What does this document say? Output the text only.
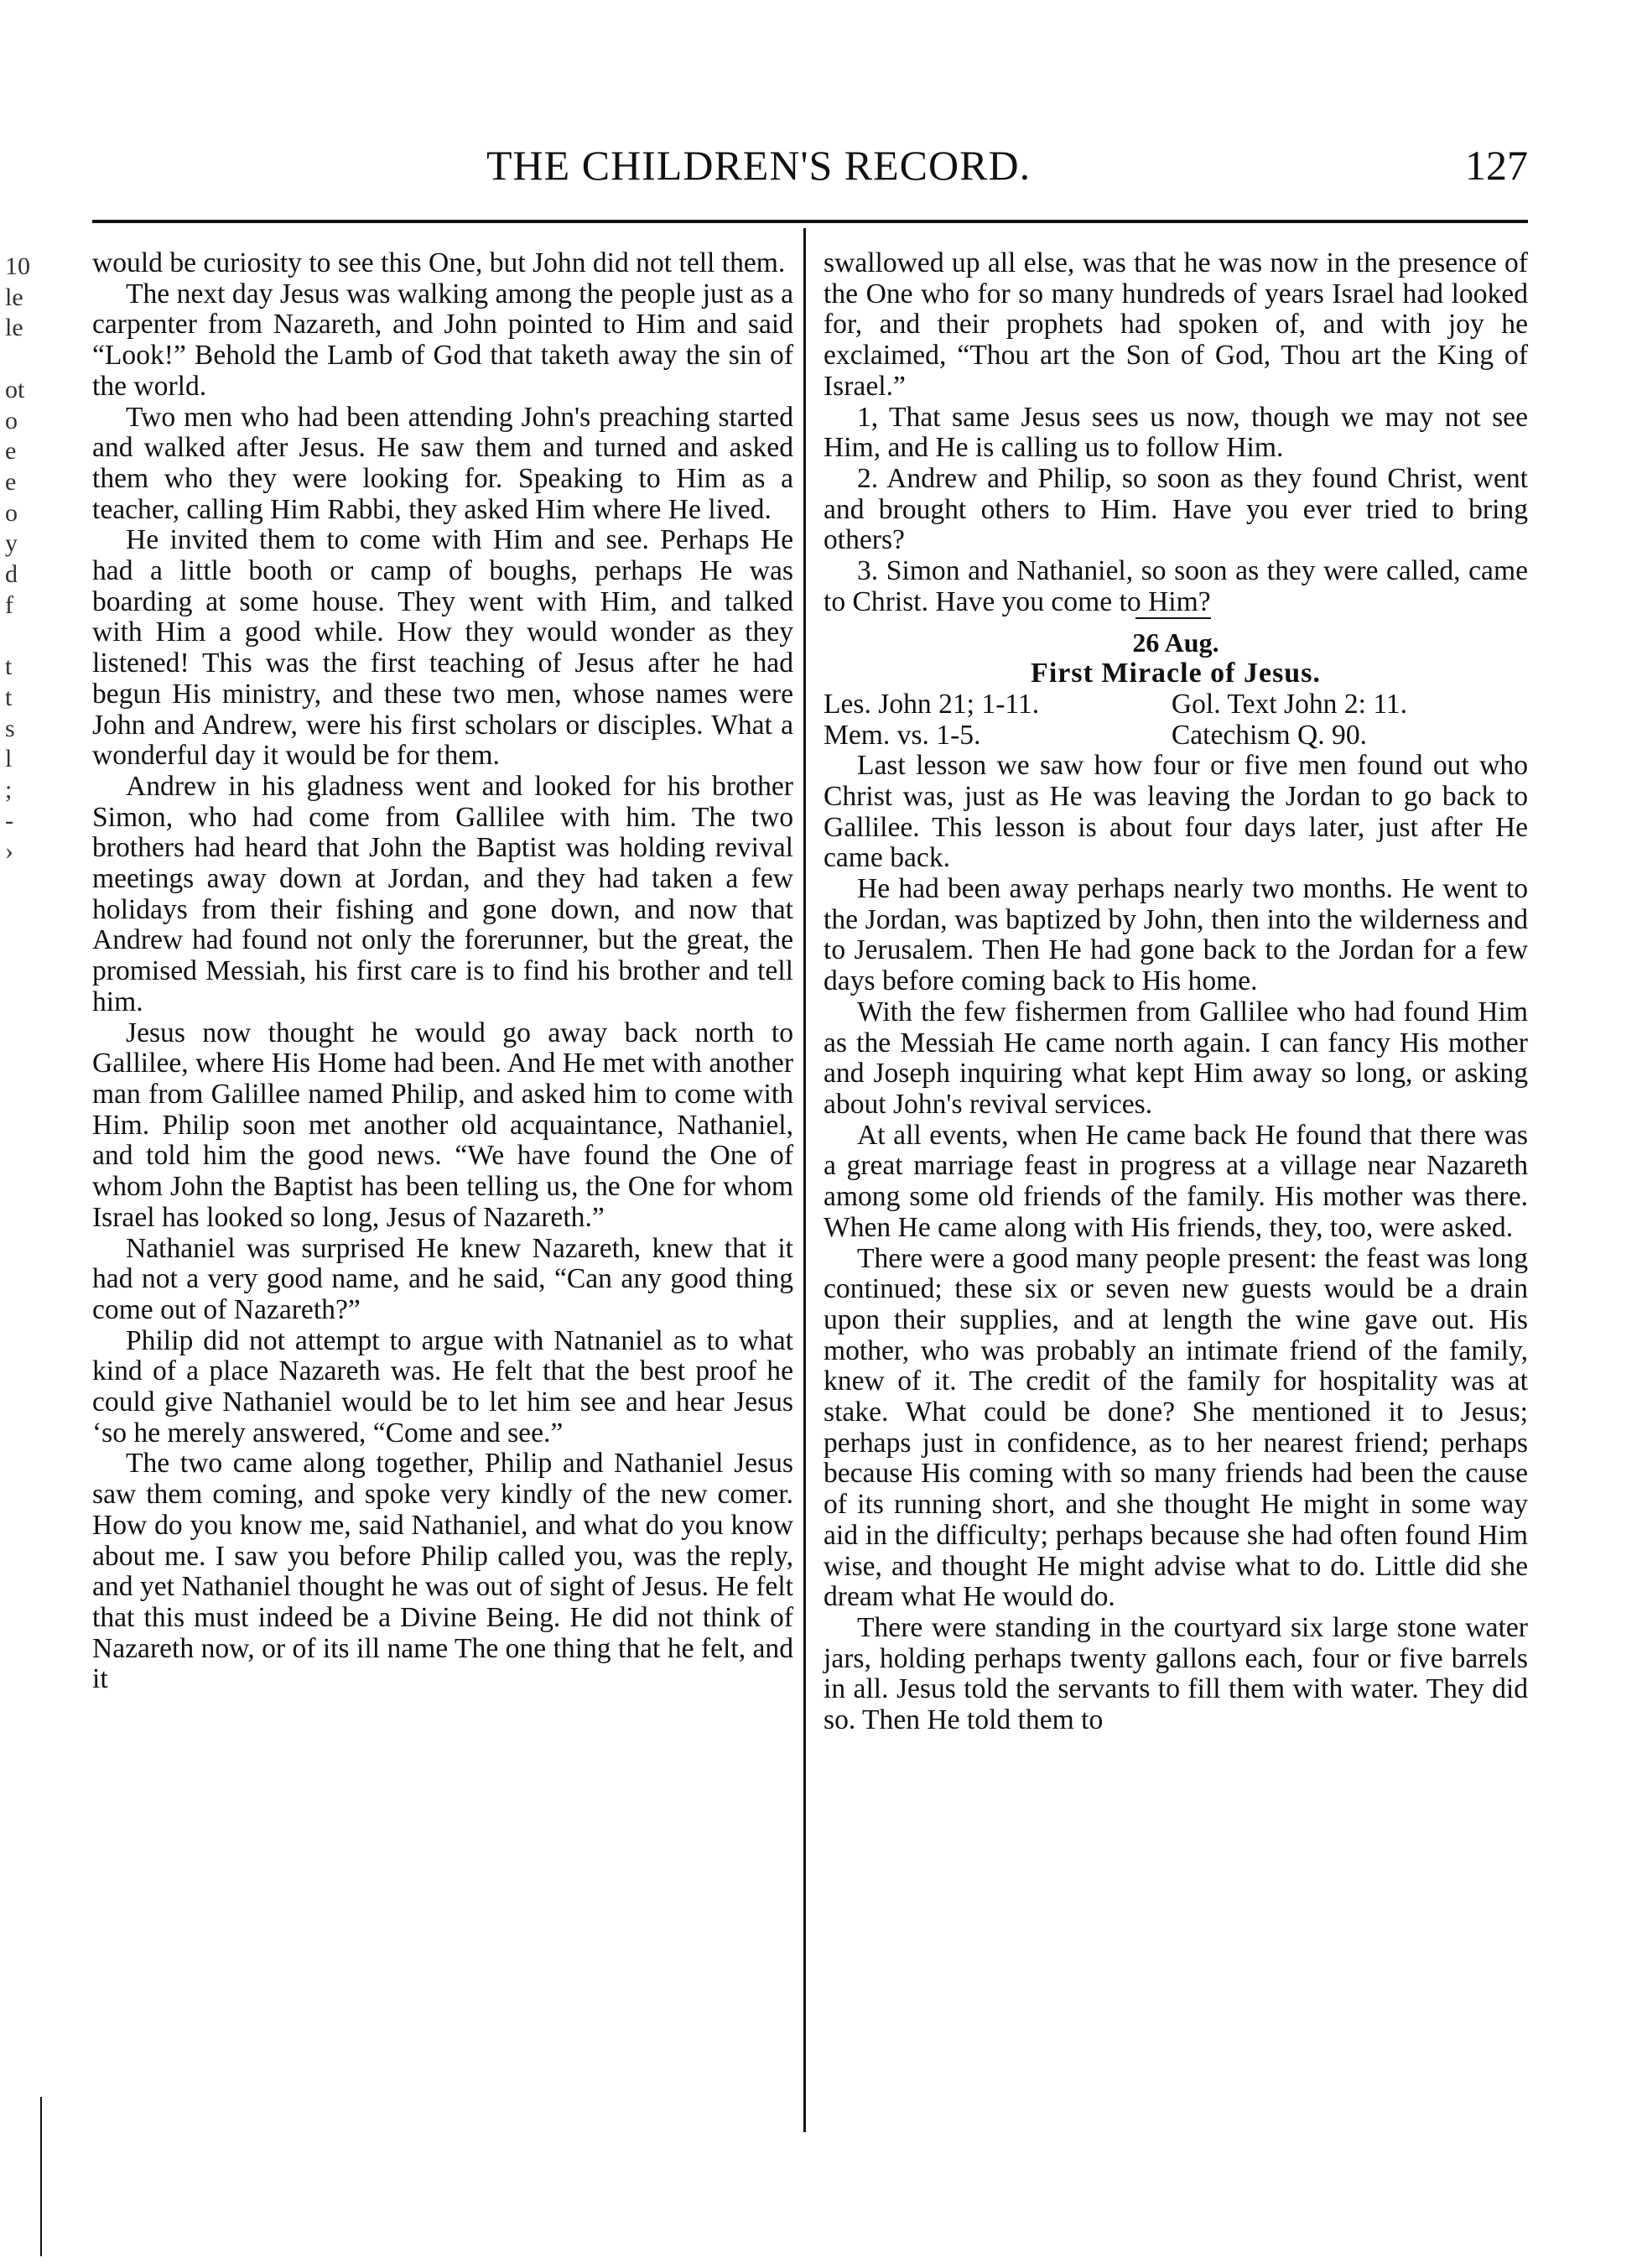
THE CHILDREN'S RECORD.	127
10
le
le

ot
o
e
e
o
y
d
f

t
t
s
l
;
-
›

would be curiosity to see this One, but John did not tell them.

The next day Jesus was walking among the people just as a carpenter from Nazareth, and John pointed to Him and said “Look!” Behold the Lamb of God that taketh away the sin of the world.

Two men who had been attending John's preaching started and walked after Jesus. He saw them and turned and asked them who they were looking for. Speaking to Him as a teacher, calling Him Rabbi, they asked Him where He lived.

He invited them to come with Him and see. Perhaps He had a little booth or camp of boughs, perhaps He was boarding at some house. They went with Him, and talked with Him a good while. How they would wonder as they listened! This was the first teaching of Jesus after he had begun His ministry, and these two men, whose names were John and Andrew, were his first scholars or disciples. What a wonderful day it would be for them.

Andrew in his gladness went and looked for his brother Simon, who had come from Gallilee with him. The two brothers had heard that John the Baptist was holding revival meetings away down at Jordan, and they had taken a few holidays from their fishing and gone down, and now that Andrew had found not only the forerunner, but the great, the promised Messiah, his first care is to find his brother and tell him.

Jesus now thought he would go away back north to Gallilee, where His Home had been. And He met with another man from Galillee named Philip, and asked him to come with Him. Philip soon met another old acquaintance, Nathaniel, and told him the good news. “We have found the One of whom John the Baptist has been telling us, the One for whom Israel has looked so long, Jesus of Nazareth.”

Nathaniel was surprised He knew Nazareth, knew that it had not a very good name, and he said, “Can any good thing come out of Nazareth?”

Philip did not attempt to argue with Natnaniel as to what kind of a place Nazareth was. He felt that the best proof he could give Nathaniel would be to let him see and hear Jesus ‘so he merely answered, “Come and see.”

The two came along together, Philip and Nathaniel Jesus saw them coming, and spoke very kindly of the new comer. How do you know me, said Nathaniel, and what do you know about me. I saw you before Philip called you, was the reply, and yet Nathaniel thought he was out of sight of Jesus. He felt that this must indeed be a Divine Being. He did not think of Nazareth now, or of its ill name The one thing that he felt, and it

swallowed up all else, was that he was now in the presence of the One who for so many hundreds of years Israel had looked for, and their prophets had spoken of, and with joy he exclaimed, “Thou art the Son of God, Thou art the King of Israel.”

1, That same Jesus sees us now, though we may not see Him, and He is calling us to follow Him.

2. Andrew and Philip, so soon as they found Christ, went and brought others to Him. Have you ever tried to bring others?

3. Simon and Nathaniel, so soon as they were called, came to Christ. Have you come to Him?

26 Aug.
First Miracle of Jesus.
Les. John 21; 1-11.	Gol. Text John 2: 11.
Mem. vs. 1-5.	Catechism Q. 90.

Last lesson we saw how four or five men found out who Christ was, just as He was leaving the Jordan to go back to Gallilee. This lesson is about four days later, just after He came back.

He had been away perhaps nearly two months. He went to the Jordan, was baptized by John, then into the wilderness and to Jerusalem. Then He had gone back to the Jordan for a few days before coming back to His home.

With the few fishermen from Gallilee who had found Him as the Messiah He came north again. I can fancy His mother and Joseph inquiring what kept Him away so long, or asking about John's revival services.

At all events, when He came back He found that there was a great marriage feast in progress at a village near Nazareth among some old friends of the family. His mother was there. When He came along with His friends, they, too, were asked.

There were a good many people present: the feast was long continued; these six or seven new guests would be a drain upon their supplies, and at length the wine gave out. His mother, who was probably an intimate friend of the family, knew of it. The credit of the family for hospitality was at stake. What could be done? She mentioned it to Jesus; perhaps just in confidence, as to her nearest friend; perhaps because His coming with so many friends had been the cause of its running short, and she thought He might in some way aid in the difficulty; perhaps because she had often found Him wise, and thought He might advise what to do. Little did she dream what He would do.

There were standing in the courtyard six large stone water jars, holding perhaps twenty gallons each, four or five barrels in all. Jesus told the servants to fill them with water. They did so. Then He told them to
